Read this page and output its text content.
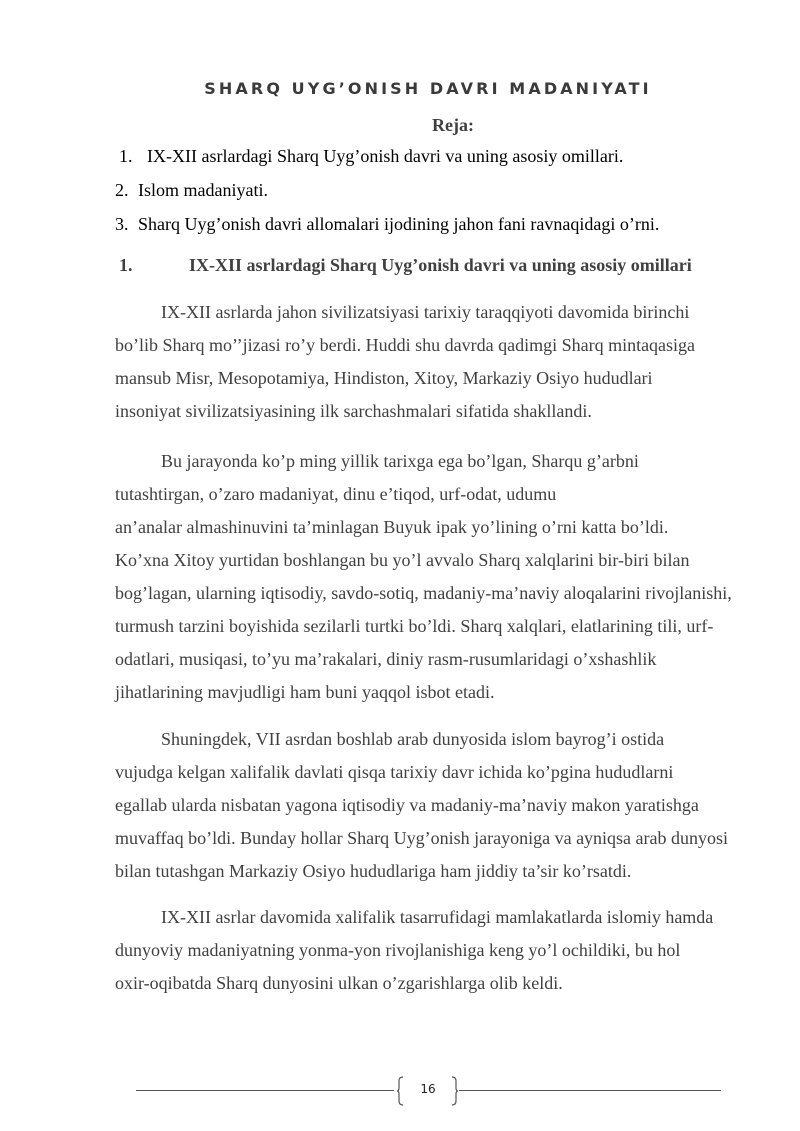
SHARQ UYG’ONISH DAVRI MADANIYATI
Reja:
1. IX-XII asrlardagi Sharq Uyg’onish davri va uning asosiy omillari.
2. Islom madaniyati.
3. Sharq Uyg’onish davri allomalari ijodining jahon fani ravnaqidagi o’rni.
1.	IX-XII asrlardagi Sharq Uyg’onish davri va uning asosiy omillari
IX-XII asrlarda jahon sivilizatsiyasi tarixiy taraqqiyoti davomida birinchi
bo’lib Sharq mo’’jizasi ro’y berdi. Huddi shu davrda qadimgi Sharq mintaqasiga
mansub Misr, Mesopotamiya, Hindiston, Xitoy, Markaziy Osiyo hududlari
insoniyat sivilizatsiyasining ilk sarchashmalari sifatida shakllandi.
Bu jarayonda ko’p ming yillik tarixga ega bo’lgan, Sharqu g’arbni
tutashtirgan, o’zaro madaniyat, dinu e’tiqod, urf-odat, udumu
an’analar almashinuvini ta’minlagan Buyuk ipak yo’lining o’rni katta bo’ldi.
Ko’xna Xitoy yurtidan boshlangan bu yo’l avvalo Sharq xalqlarini bir-biri bilan
bog’lagan, ularning iqtisodiy, savdo-sotiq, madaniy-ma’naviy aloqalarini rivojlanishi,
turmush tarzini boyishida sezilarli turtki bo’ldi. Sharq xalqlari, elatlarining tili, urf-
odatlari, musiqasi, to’yu ma’rakalari, diniy rasm-rusumlaridagi o’xshashlik
jihatlarining mavjudligi ham buni yaqqol isbot etadi.
Shuningdek, VII asrdan boshlab arab dunyosida islom bayrog’i ostida
vujudga kelgan xalifalik davlati qisqa tarixiy davr ichida ko’pgina hududlarni
egallab ularda nisbatan yagona iqtisodiy va madaniy-ma’naviy makon yaratishga
muvaffaq bo’ldi. Bunday hollar Sharq Uyg’onish jarayoniga va ayniqsa arab dunyosi
bilan tutashgan Markaziy Osiyo hududlariga ham jiddiy ta’sir ko’rsatdi.
IX-XII asrlar davomida xalifalik tasarrufidagi mamlakatlarda islomiy hamda
dunyoviy madaniyatning yonma-yon rivojlanishiga keng yo’l ochildiki, bu hol
oxir-oqibatda Sharq dunyosini ulkan o’zgarishlarga olib keldi.
16
